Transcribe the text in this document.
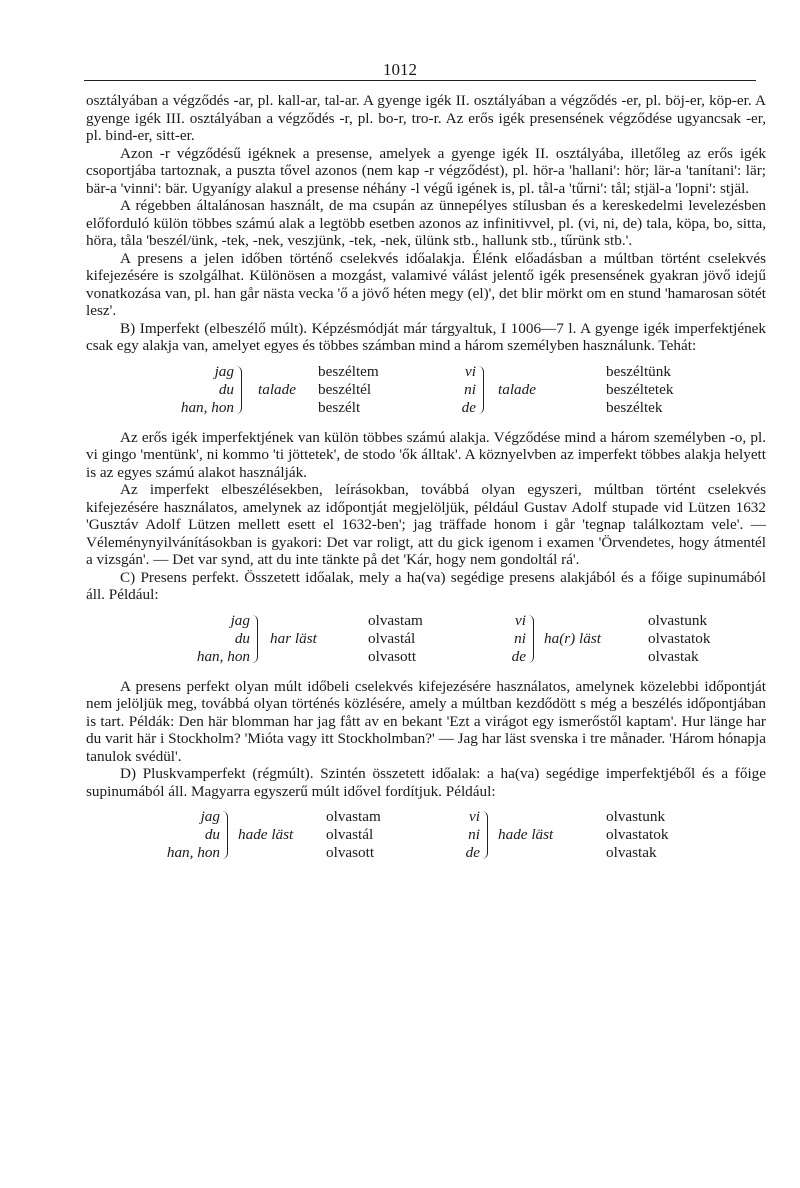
1012

osztályában a végződés -ar, pl. kall-ar, tal-ar. A gyenge igék II. osztályában a végződés -er, pl. böj-er, köp-er. A gyenge igék III. osztályában a végződés -r, pl. bo-r, tro-r. Az erős igék presensének végződése ugyancsak -er, pl. bind-er, sitt-er.

Azon -r végződésű igéknek a presense, amelyek a gyenge igék II. osztályába, illetőleg az erős igék csoportjába tartoznak, a puszta tővel azonos (nem kap -r végződést), pl. hör-a 'hallani': hör; lär-a 'tanítani': lär; bär-a 'vinni': bär. Ugyanígy alakul a presense néhány -l végű igének is, pl. tål-a 'tűrni': tål; stjäl-a 'lopni': stjäl.

A régebben általánosan használt, de ma csupán az ünnepélyes stílusban és a kereskedelmi levelezésben előforduló külön többes számú alak a legtöbb esetben azonos az infinitivvel, pl. (vi, ni, de) tala, köpa, bo, sitta, höra, tåla 'beszél/ünk, -tek, -nek, veszjünk, -tek, -nek, ülünk stb., hallunk stb., tűrünk stb.'.

A presens a jelen időben történő cselekvés időalakja. Élénk előadásban a múltban történt cselekvés kifejezésére is szolgálhat. Különösen a mozgást, valamivé válást jelentő igék presensének gyakran jövő idejű vonatkozása van, pl. han går nästa vecka 'ő a jövő héten megy (el)', det blir mörkt om en stund 'hamarosan sötét lesz'.

B) Imperfekt (elbeszélő múlt). Képzésmódját már tárgyaltuk, I 1006—7 l. A gyenge igék imperfektjének csak egy alakja van, amelyet egyes és többes számban mind a három személyben használunk. Tehát:

jag
du
han, hon
talade
beszéltem
beszéltél
beszélt
vi
ni
de
talade
beszéltünk
beszéltetek
beszéltek

Az erős igék imperfektjének van külön többes számú alakja. Végződése mind a három személyben -o, pl. vi gingo 'mentünk', ni kommo 'ti jöttetek', de stodo 'ők álltak'. A köznyelvben az imperfekt többes alakja helyett is az egyes számú alakot használják.

Az imperfekt elbeszélésekben, leírásokban, továbbá olyan egyszeri, múltban történt cselekvés kifejezésére használatos, amelynek az időpontját megjelöljük, például Gustav Adolf stupade vid Lützen 1632 'Gusztáv Adolf Lützen mellett esett el 1632-ben'; jag träffade honom i går 'tegnap találkoztam vele'. — Véleménynyilvánításokban is gyakori: Det var roligt, att du gick igenom i examen 'Örvendetes, hogy átmentél a vizsgán'. — Det var synd, att du inte tänkte på det 'Kár, hogy nem gondoltál rá'.

C) Presens perfekt. Összetett időalak, mely a ha(va) segédige presens alakjából és a főige supinumából áll. Például:

jag
du
han, hon
har läst
olvastam
olvastál
olvasott
vi
ni
de
ha(r) läst
olvastunk
olvastatok
olvastak

A presens perfekt olyan múlt időbeli cselekvés kifejezésére használatos, amelynek közelebbi időpontját nem jelöljük meg, továbbá olyan történés közlésére, amely a múltban kezdődött s még a beszélés időpontjában is tart. Példák: Den här blomman har jag fått av en bekant 'Ezt a virágot egy ismerőstől kaptam'. Hur länge har du varit här i Stockholm? 'Mióta vagy itt Stockholmban?' — Jag har läst svenska i tre månader. 'Három hónapja tanulok svédül'.

D) Pluskvamperfekt (régmúlt). Szintén összetett időalak: a ha(va) segédige imperfektjéből és a főige supinumából áll. Magyarra egyszerű múlt idővel fordítjuk. Például:

jag
du
han, hon
hade läst
olvastam
olvastál
olvasott
vi
ni
de
hade läst
olvastunk
olvastatok
olvastak
